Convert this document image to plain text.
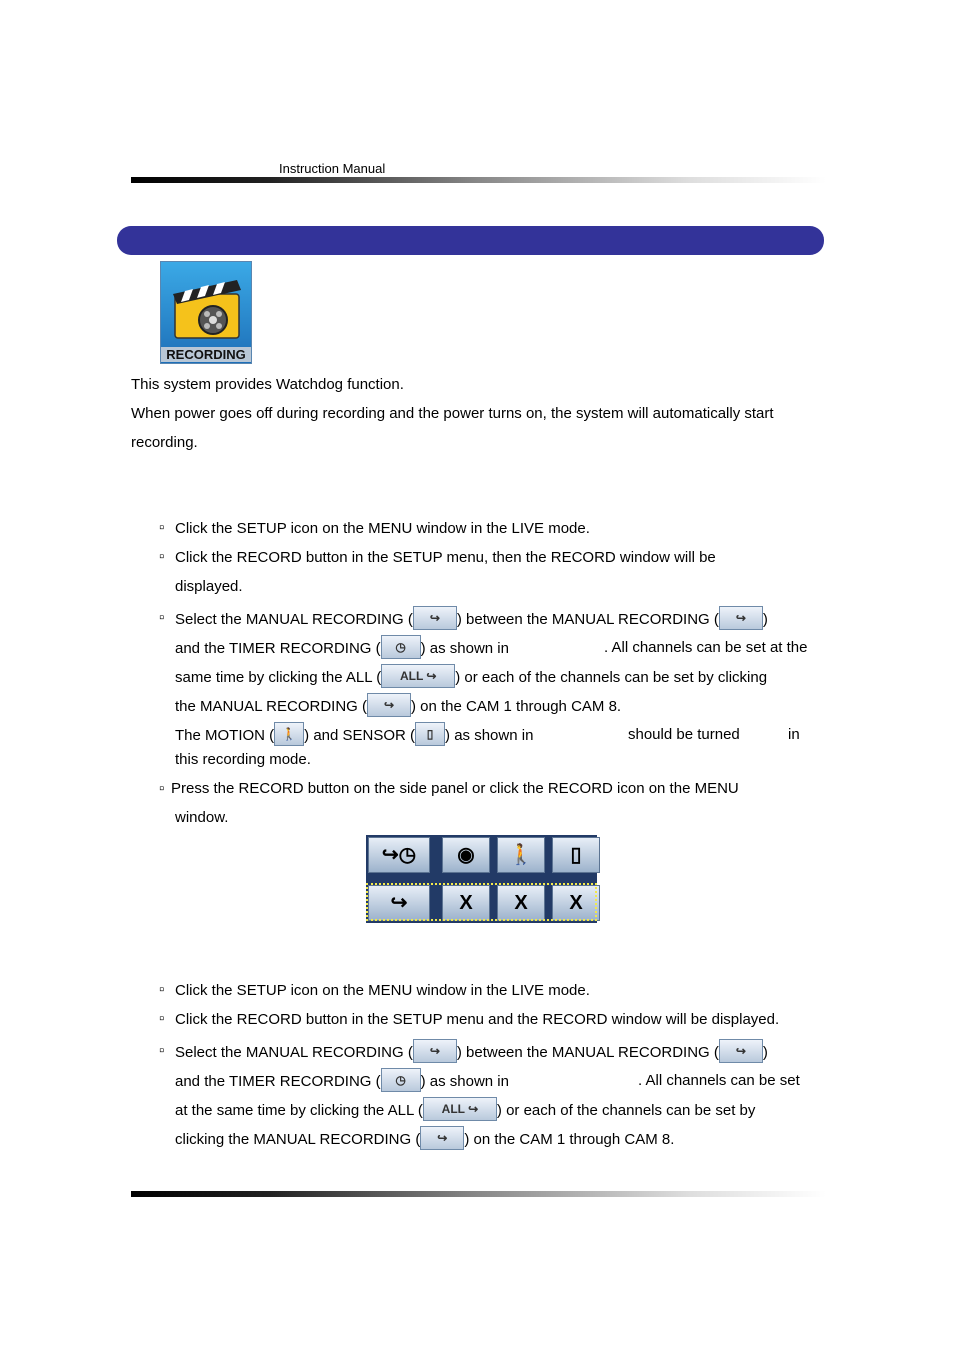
Instruction Manual
RECORDING
This system provides Watchdog function.
When power goes off during recording and the power turns on, the system will automatically start
recording.
▫ Click the SETUP icon on the MENU window in the LIVE mode.
▫ Click the RECORD button in the SETUP menu, then the RECORD window will be
displayed.
▫ Select the MANUAL RECORDING ( ↪ ) between the MANUAL RECORDING ( ↪ )
and the TIMER RECORDING ( ◷ ) as shown in	. All channels can be set at the
same time by clicking the ALL ( ALL ↪ ) or each of the channels can be set by clicking
the MANUAL RECORDING ( ↪ ) on the CAM 1 through CAM 8.
The MOTION ( 🚶 ) and SENSOR ( ▯ ) as shown in	should be turned	in
this recording mode.
▫ Press the RECORD button on the side panel or click the RECORD icon on the MENU
window.
↪◷	◉	🚶	▯
↪	X	X	X
▫ Click the SETUP icon on the MENU window in the LIVE mode.
▫ Click the RECORD button in the SETUP menu and the RECORD window will be displayed.
▫ Select the MANUAL RECORDING ( ↪ ) between the MANUAL RECORDING ( ↪ )
and the TIMER RECORDING ( ◷ ) as shown in	. All channels can be set
at the same time by clicking the ALL ( ALL ↪ ) or each of the channels can be set by
clicking the MANUAL RECORDING ( ↪ ) on the CAM 1 through CAM 8.
